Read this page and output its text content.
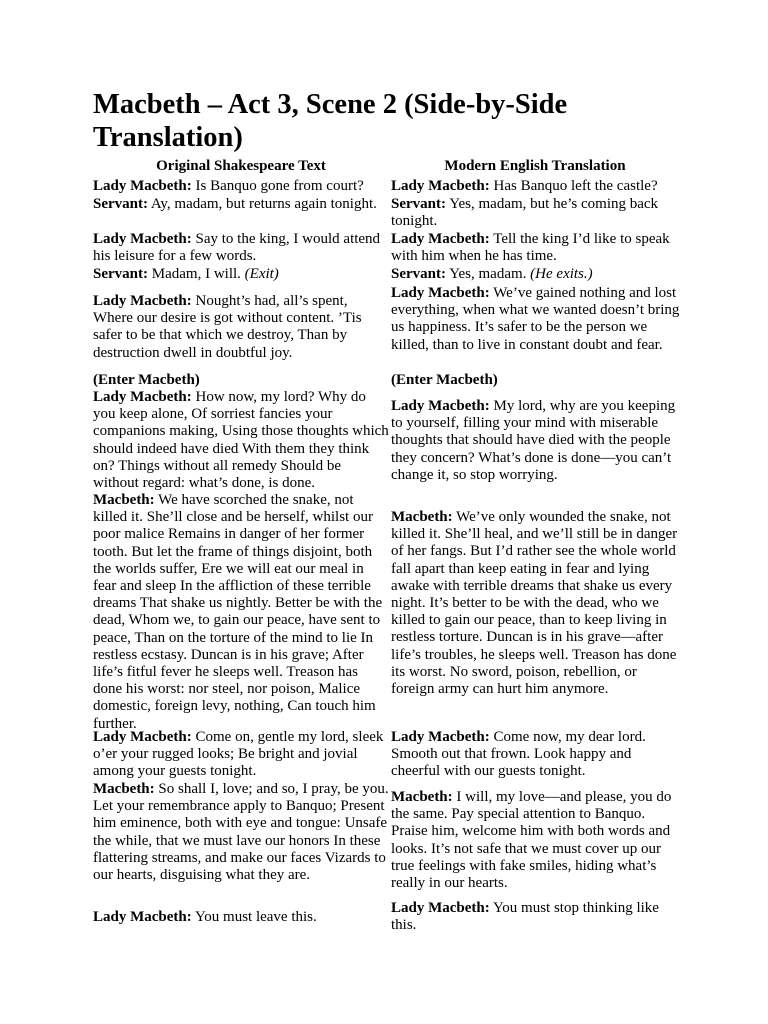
Macbeth – Act 3, Scene 2 (Side-by-Side Translation)
Original Shakespeare Text	Modern English Translation

Lady Macbeth: Is Banquo gone from court?

Servant: Ay, madam, but returns again tonight.

Lady Macbeth: Say to the king, I would attend his leisure for a few words.

Servant: Madam, I will. (Exit)

Lady Macbeth: Nought’s had, all’s spent, Where our desire is got without content. ’Tis safer to be that which we destroy, Than by destruction dwell in doubtful joy.

(Enter Macbeth)

Lady Macbeth: How now, my lord? Why do you keep alone, Of sorriest fancies your companions making, Using those thoughts which should indeed have died With them they think on? Things without all remedy Should be without regard: what’s done, is done.

Macbeth: We have scorched the snake, not killed it. She’ll close and be herself, whilst our poor malice Remains in danger of her former tooth. But let the frame of things disjoint, both the worlds suffer, Ere we will eat our meal in fear and sleep In the affliction of these terrible dreams That shake us nightly. Better be with the dead, Whom we, to gain our peace, have sent to peace, Than on the torture of the mind to lie In restless ecstasy. Duncan is in his grave; After life’s fitful fever he sleeps well. Treason has done his worst: nor steel, nor poison, Malice domestic, foreign levy, nothing, Can touch him further.

Lady Macbeth: Come on, gentle my lord, sleek o’er your rugged looks; Be bright and jovial among your guests tonight.

Macbeth: So shall I, love; and so, I pray, be you. Let your remembrance apply to Banquo; Present him eminence, both with eye and tongue: Unsafe the while, that we must lave our honors In these flattering streams, and make our faces Vizards to our hearts, disguising what they are.

Lady Macbeth: You must leave this.

Lady Macbeth: Has Banquo left the castle?

Servant: Yes, madam, but he’s coming back tonight.

Lady Macbeth: Tell the king I’d like to speak with him when he has time.

Servant: Yes, madam. (He exits.)

Lady Macbeth: We’ve gained nothing and lost everything, when what we wanted doesn’t bring us happiness. It’s safer to be the person we killed, than to live in constant doubt and fear.

(Enter Macbeth)

Lady Macbeth: My lord, why are you keeping to yourself, filling your mind with miserable thoughts that should have died with the people they concern? What’s done is done—you can’t change it, so stop worrying.

Macbeth: We’ve only wounded the snake, not killed it. She’ll heal, and we’ll still be in danger of her fangs. But I’d rather see the whole world fall apart than keep eating in fear and lying awake with terrible dreams that shake us every night. It’s better to be with the dead, who we killed to gain our peace, than to keep living in restless torture. Duncan is in his grave—after life’s troubles, he sleeps well. Treason has done its worst. No sword, poison, rebellion, or foreign army can hurt him anymore.

Lady Macbeth: Come now, my dear lord. Smooth out that frown. Look happy and cheerful with our guests tonight.

Macbeth: I will, my love—and please, you do the same. Pay special attention to Banquo. Praise him, welcome him with both words and looks. It’s not safe that we must cover up our true feelings with fake smiles, hiding what’s really in our hearts.

Lady Macbeth: You must stop thinking like this.
